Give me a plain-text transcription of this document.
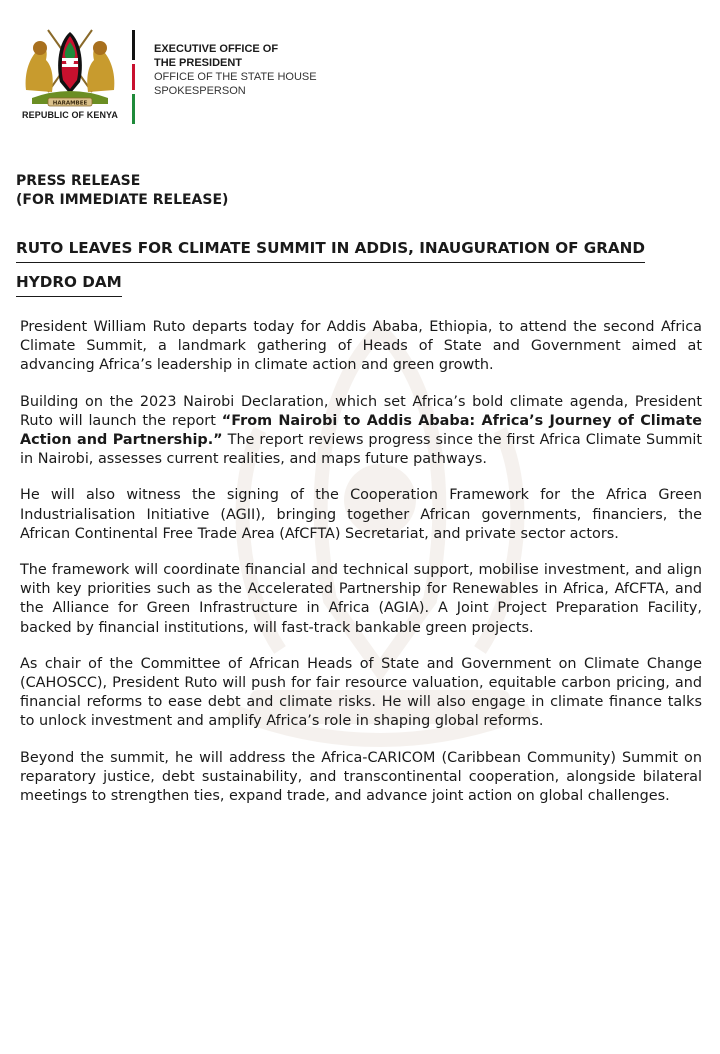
HARAMBEE
REPUBLIC OF KENYA
EXECUTIVE OFFICE OF
THE PRESIDENT
OFFICE OF THE STATE HOUSE
SPOKESPERSON
PRESS RELEASE
(FOR IMMEDIATE RELEASE)
RUTO LEAVES FOR CLIMATE SUMMIT IN ADDIS, INAUGURATION OF GRAND
HYDRO DAM

President William Ruto departs today for Addis Ababa, Ethiopia, to attend the second Africa Climate Summit, a landmark gathering of Heads of State and Government aimed at advancing Africa’s leadership in climate action and green growth.

Building on the 2023 Nairobi Declaration, which set Africa’s bold climate agenda, President Ruto will launch the report “From Nairobi to Addis Ababa: Africa’s Journey of Climate Action and Partnership.” The report reviews progress since the first Africa Climate Summit in Nairobi, assesses current realities, and maps future pathways.

He will also witness the signing of the Cooperation Framework for the Africa Green Industrialisation Initiative (AGII), bringing together African governments, financiers, the African Continental Free Trade Area (AfCFTA) Secretariat, and private sector actors.

The framework will coordinate financial and technical support, mobilise investment, and align with key priorities such as the Accelerated Partnership for Renewables in Africa, AfCFTA, and the Alliance for Green Infrastructure in Africa (AGIA). A Joint Project Preparation Facility, backed by financial institutions, will fast-track bankable green projects.

As chair of the Committee of African Heads of State and Government on Climate Change (CAHOSCC), President Ruto will push for fair resource valuation, equitable carbon pricing, and financial reforms to ease debt and climate risks. He will also engage in climate finance talks to unlock investment and amplify Africa’s role in shaping global reforms.

Beyond the summit, he will address the Africa-CARICOM (Caribbean Community) Summit on reparatory justice, debt sustainability, and transcontinental cooperation, alongside bilateral meetings to strengthen ties, expand trade, and advance joint action on global challenges.
